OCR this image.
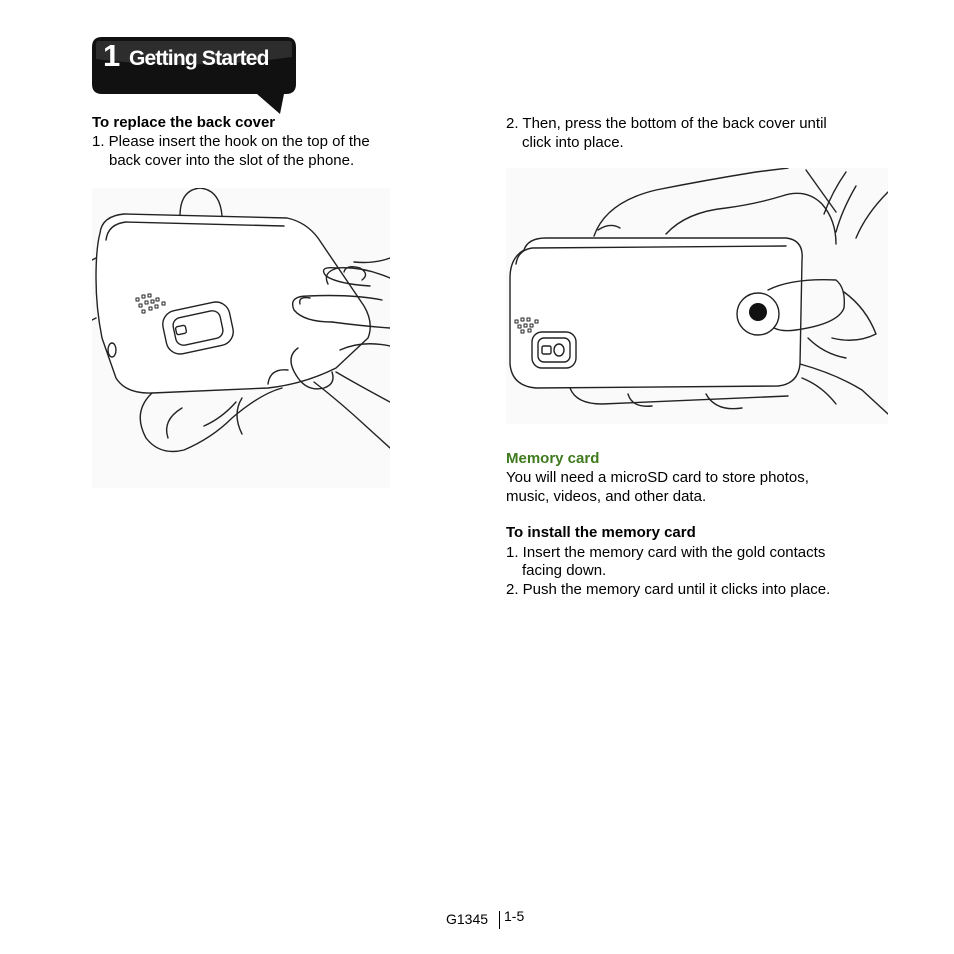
1 Getting Started
To replace the back cover
1. Please insert the hook on the top of the
back cover into the slot of the phone.
2. Then, press the bottom of the back cover until
click into place.
Memory card
You will need a microSD card to store photos,
music, videos, and other data.
To install the memory card
1. Insert the memory card with the gold contacts
facing down.
2. Push the memory card until it clicks into place.
G1345 1-5
